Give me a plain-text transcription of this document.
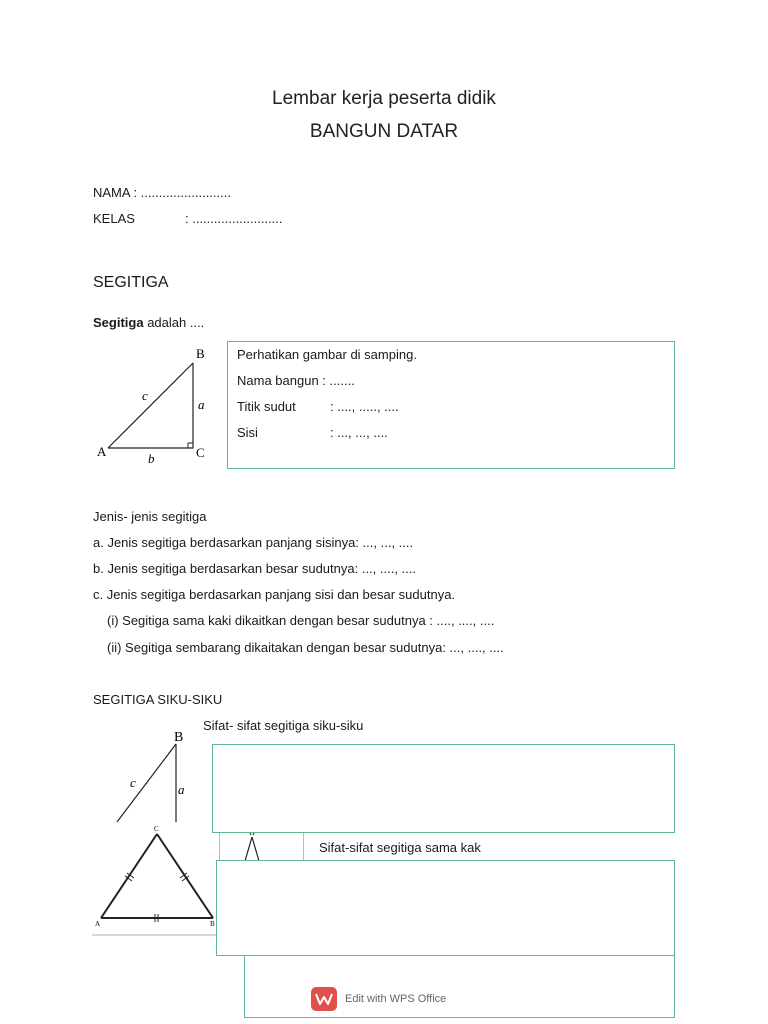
Lembar kerja peserta didik
BANGUN DATAR
NAMA : .........................
KELAS	: .........................
SEGITIGA
Segitiga adalah ....
B
A	C
a
b
c
Perhatikan gambar di samping.
Nama bangun : .......
Titik sudut	: ...., ....., ....
Sisi	: ..., ..., ....
Jenis- jenis segitiga
a. Jenis segitiga berdasarkan panjang sisinya: ..., ..., ....
b. Jenis segitiga berdasarkan besar sudutnya: ..., ...., ....
c. Jenis segitiga berdasarkan panjang sisi dan besar sudutnya.
(i) Segitiga sama kaki dikaitkan dengan besar sudutnya : ...., ...., ....
(ii) Segitiga sembarang dikaitakan dengan besar sudutnya: ..., ...., ....
SEGITIGA SIKU-SIKU
Sifat- sifat segitiga siku-siku
B
a
c
Sifat-sifat segitiga sama kak
C
A	B
Edit with WPS Office
